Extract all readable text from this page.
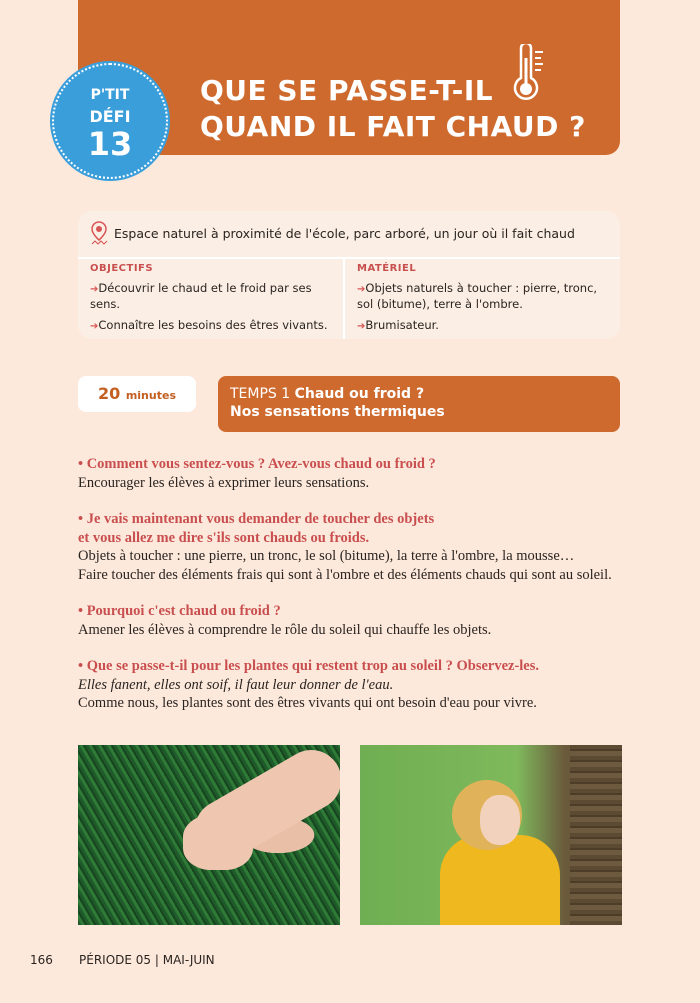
P'TIT
DÉFI
13
QUE SE PASSE-T-IL
QUAND IL FAIT CHAUD ?
Espace naturel à proximité de l'école, parc arboré, un jour où il fait chaud
OBJECTIFS
➔Découvrir le chaud et le froid par ses sens.
➔Connaître les besoins des êtres vivants.
MATÉRIEL
➔Objets naturels à toucher : pierre, tronc, sol (bitume), terre à l'ombre.
➔Brumisateur.
20 minutes	TEMPS 1 Chaud ou froid ?
Nos sensations thermiques
• Comment vous sentez-vous ? Avez-vous chaud ou froid ?
Encourager les élèves à exprimer leurs sensations.
• Je vais maintenant vous demander de toucher des objets
et vous allez me dire s'ils sont chauds ou froids.
Objets à toucher : une pierre, un tronc, le sol (bitume), la terre à l'ombre, la mousse…
Faire toucher des éléments frais qui sont à l'ombre et des éléments chauds qui sont au soleil.
• Pourquoi c'est chaud ou froid ?
Amener les élèves à comprendre le rôle du soleil qui chauffe les objets.
• Que se passe-t-il pour les plantes qui restent trop au soleil ? Observez-les.
Elles fanent, elles ont soif, il faut leur donner de l'eau.
Comme nous, les plantes sont des êtres vivants qui ont besoin d'eau pour vivre.
166 PÉRIODE 05 | MAI-JUIN
